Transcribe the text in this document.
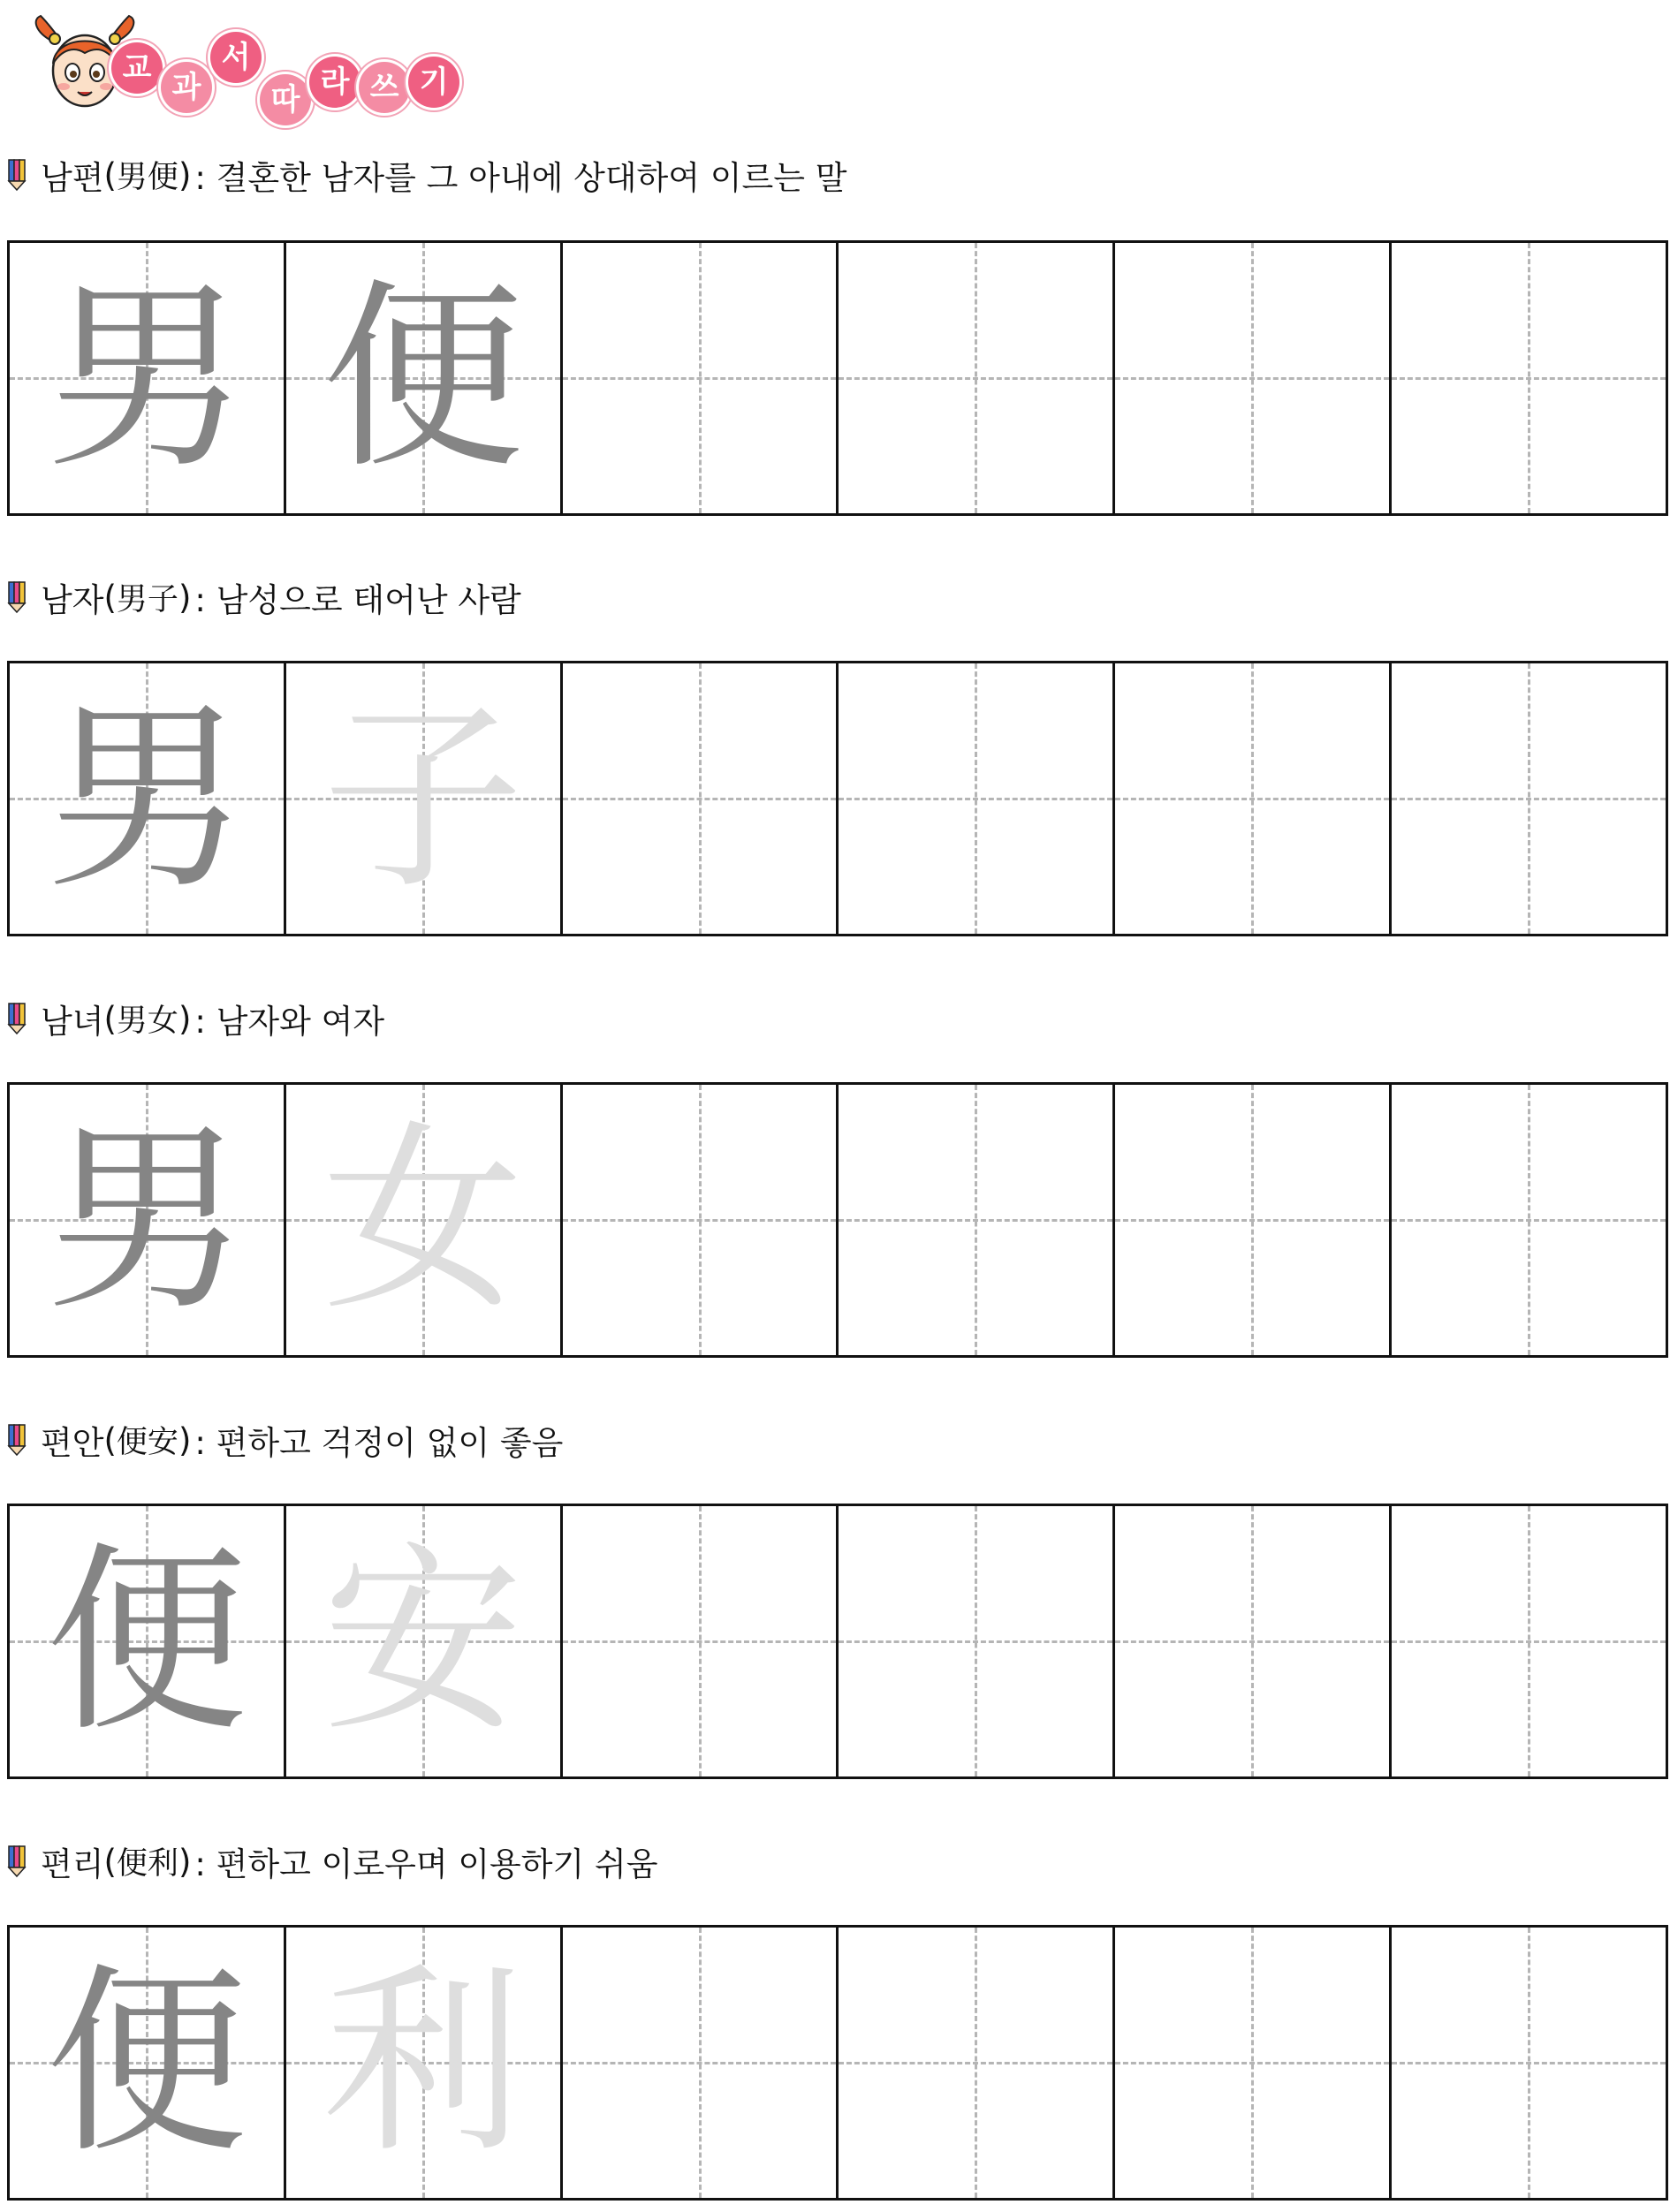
교
과
서
따 라 쓰 기
남편 ( 男便 ) : 결혼한 남자를 그 아내에 상대하여 이르는 말
男 便
남자 ( 男子 ) : 남성으로 태어난 사람
男 子
남녀 ( 男女 ) : 남자와 여자
男 女
편안 ( 便安 ) : 편하고 걱정이 없이 좋음
便 安
편리 ( 便利 ) : 편하고 이로우며 이용하기 쉬움
便 利
